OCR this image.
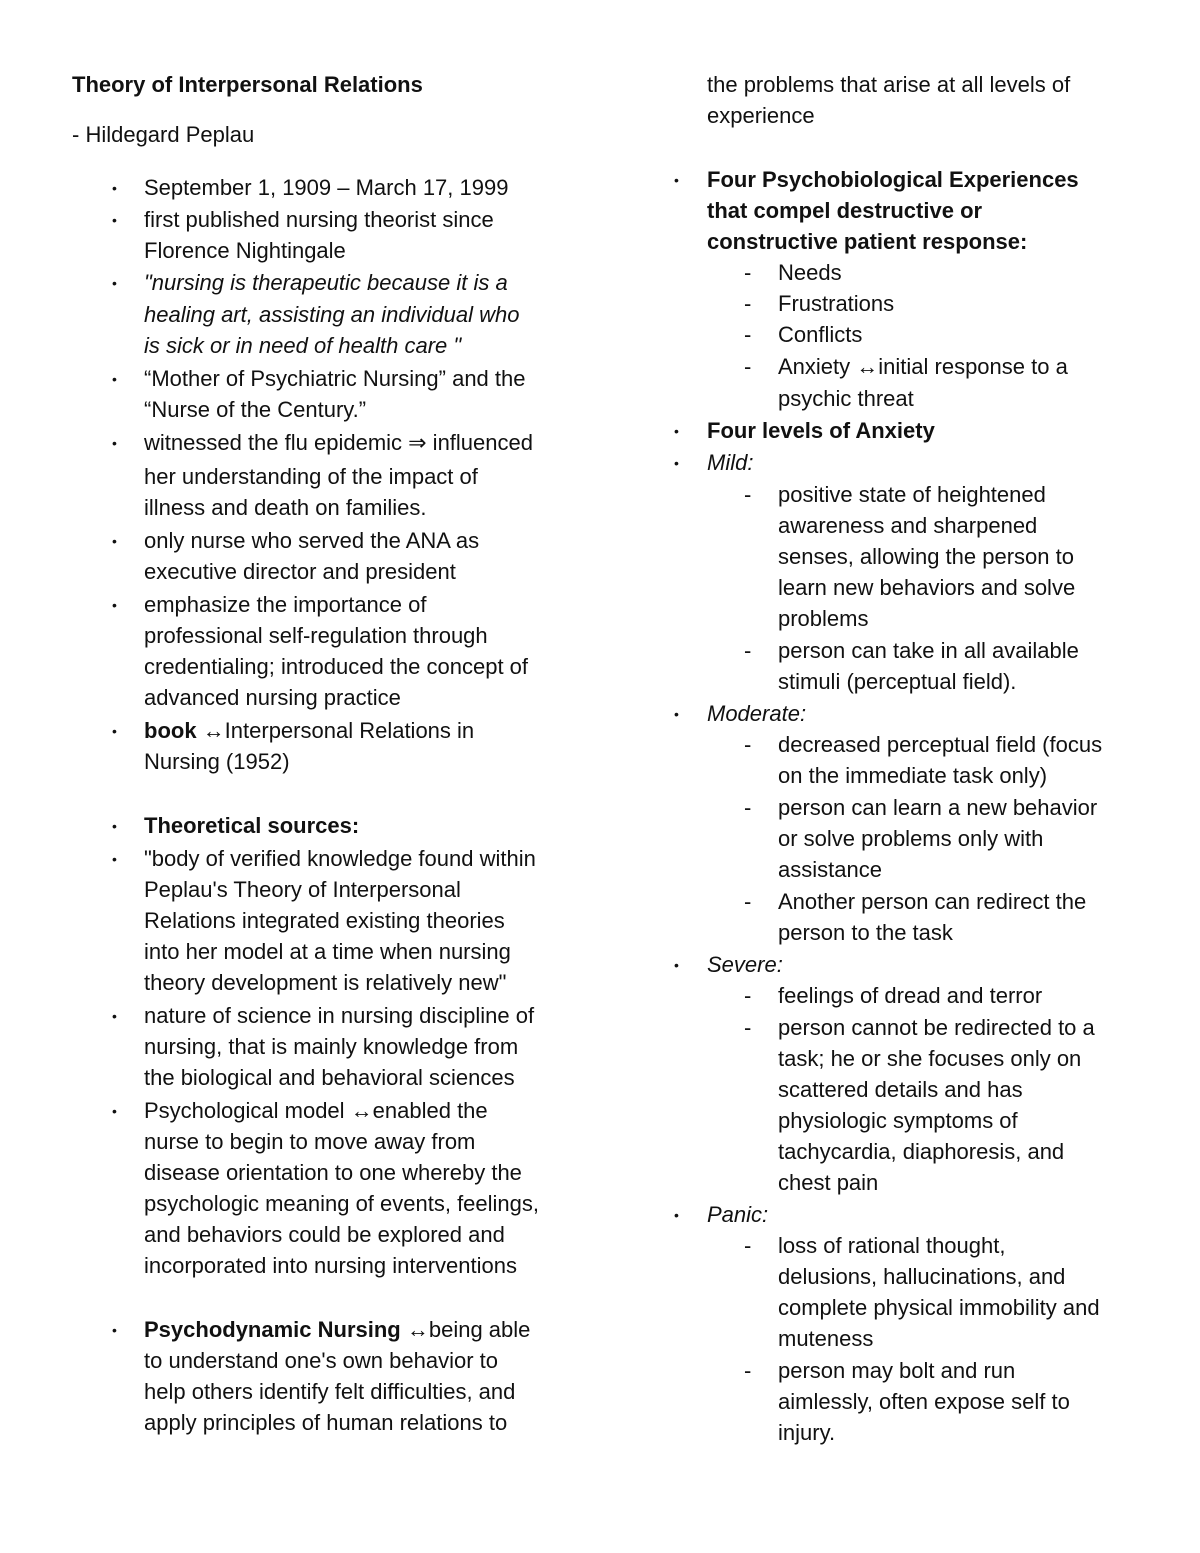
Theory of Interpersonal Relations
- Hildegard Peplau
• September 1, 1909 – March 17, 1999
• first published nursing theorist since
Florence Nightingale
• "nursing is therapeutic because it is a
healing art, assisting an individual who
is sick or in need of health care "
• “Mother of Psychiatric Nursing” and the
“Nurse of the Century.”
• witnessed the flu epidemic ⇒ influenced
her understanding of the impact of
illness and death on families.
• only nurse who served the ANA as
executive director and president
• emphasize the importance of
professional self-regulation through
credentialing; introduced the concept of
advanced nursing practice
• book ↔Interpersonal Relations in
Nursing (1952)
• Theoretical sources:
• "body of verified knowledge found within
Peplau's Theory of Interpersonal
Relations integrated existing theories
into her model at a time when nursing
theory development is relatively new"
• nature of science in nursing discipline of
nursing, that is mainly knowledge from
the biological and behavioral sciences
• Psychological model ↔enabled the
nurse to begin to move away from
disease orientation to one whereby the
psychologic meaning of events, feelings,
and behaviors could be explored and
incorporated into nursing interventions
• Psychodynamic Nursing ↔being able
to understand one's own behavior to
help others identify felt difficulties, and
apply principles of human relations to
the problems that arise at all levels of
experience
• Four Psychobiological Experiences
that compel destructive or
constructive patient response:
- Needs
- Frustrations
- Conflicts
- Anxiety ↔initial response to a
psychic threat
• Four levels of Anxiety
• Mild:
- positive state of heightened
awareness and sharpened
senses, allowing the person to
learn new behaviors and solve
problems
- person can take in all available
stimuli (perceptual field).
• Moderate:
- decreased perceptual field (focus
on the immediate task only)
- person can learn a new behavior
or solve problems only with
assistance
- Another person can redirect the
person to the task
• Severe:
- feelings of dread and terror
- person cannot be redirected to a
task; he or she focuses only on
scattered details and has
physiologic symptoms of
tachycardia, diaphoresis, and
chest pain
• Panic:
- loss of rational thought,
delusions, hallucinations, and
complete physical immobility and
muteness
- person may bolt and run
aimlessly, often expose self to
injury.
